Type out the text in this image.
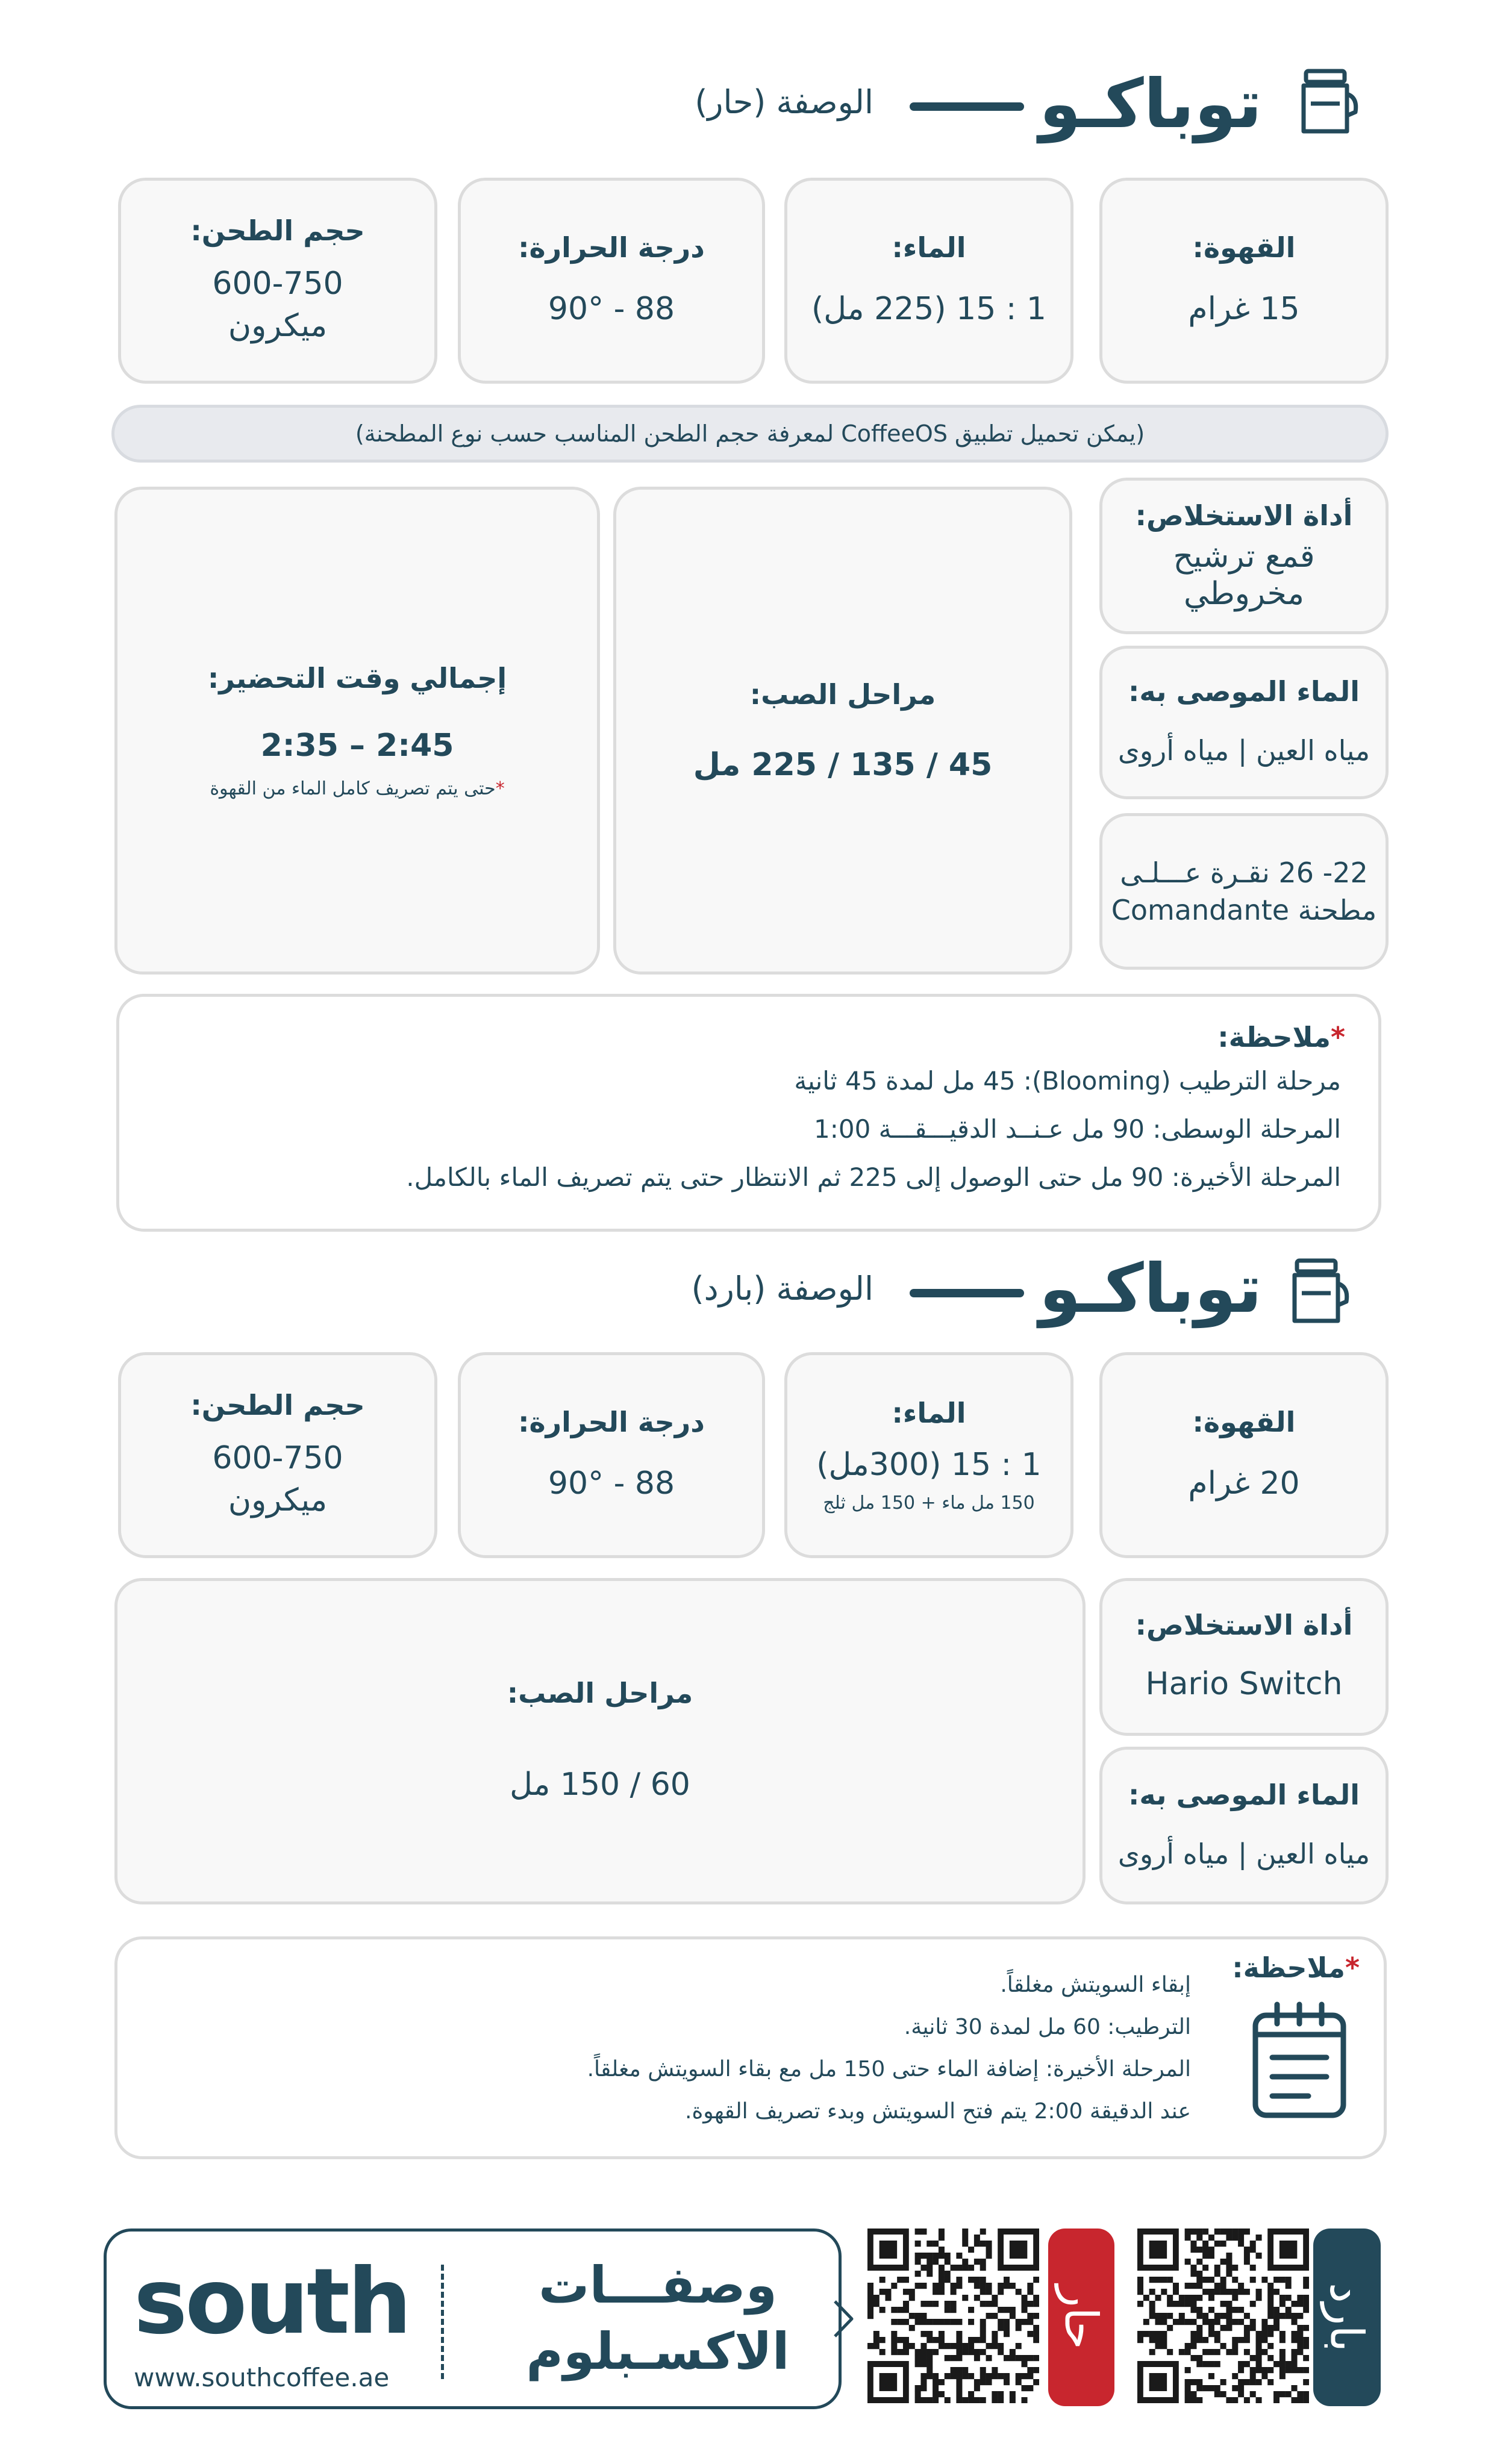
توباكـو
الوصفة (حار)
القهوة:
15 غرام
الماء:
1 : 15 (225 مل)
درجة الحرارة:
88 - 90°
حجم الطحن:
600-750
ميكرون
(يمكن تحميل تطبيق CoffeeOS لمعرفة حجم الطحن المناسب حسب نوع المطحنة)
أداة الاستخلاص:
قمع ترشيح
مخروطي
الماء الموصى به:
مياه العين | مياه أروى
22- 26 نقـرة عـــلـى
مطحنة Comandante
مراحل الصب:
45 / 135 / 225 مل
إجمالي وقت التحضير:
2:35 – 2:45
*حتى يتم تصريف كامل الماء من القهوة
*ملاحظة:
مرحلة الترطيب (Blooming): 45 مل لمدة 45 ثانية
المرحلة الوسطى: 90 مل عـنــد الدقيـــقـــة 1:00
المرحلة الأخيرة: 90 مل حتى الوصول إلى 225 ثم الانتظار حتى يتم تصريف الماء بالكامل.
توباكـو
الوصفة (بارد)
القهوة:
20 غرام
الماء:
1 : 15 (300مل)
150 مل ماء + 150 مل ثلج
درجة الحرارة:
88 - 90°
حجم الطحن:
600-750
ميكرون
أداة الاستخلاص:
Hario Switch
الماء الموصى به:
مياه العين | مياه أروى
مراحل الصب:
60 / 150 مل
*ملاحظة:
إبقاء السويتش مغلقاً.
الترطيب: 60 مل لمدة 30 ثانية.
المرحلة الأخيرة: إضافة الماء حتى 150 مل مع بقاء السويتش مغلقاً.
عند الدقيقة 2:00 يتم فتح السويتش وبدء تصريف القهوة.
south
www.southcoffee.ae
وصفـــات
الاكسـبلوم
حار	بارد
